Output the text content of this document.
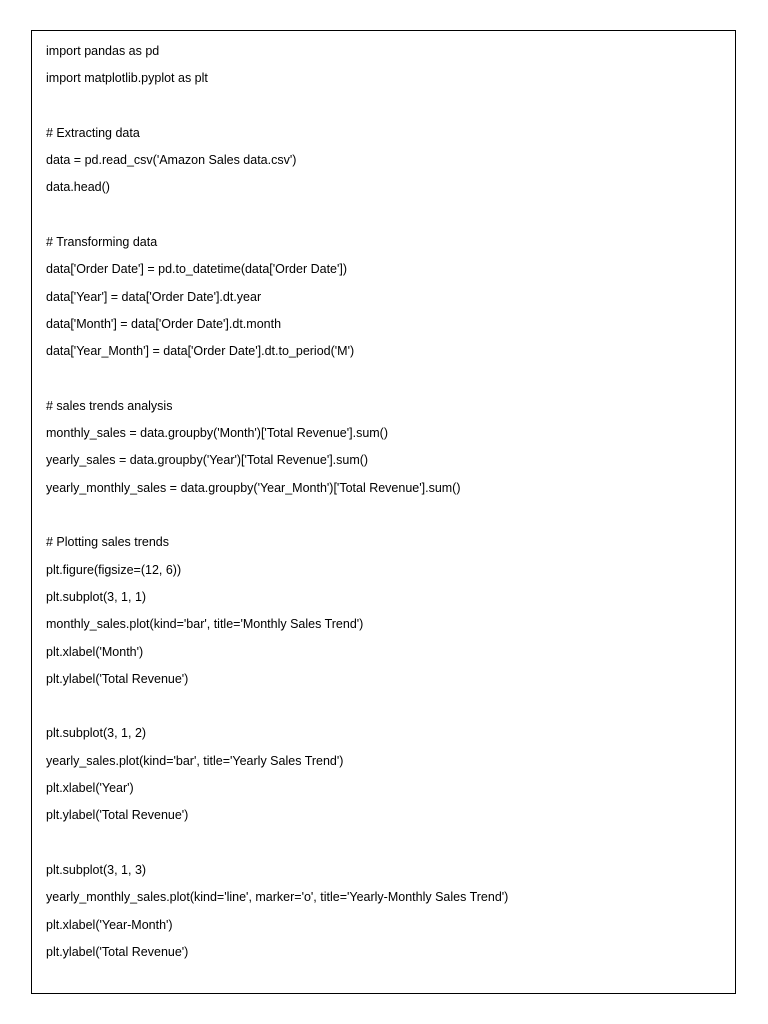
import pandas as pd
import matplotlib.pyplot as plt
# Extracting data
data = pd.read_csv('Amazon Sales data.csv')
data.head()
# Transforming data
data['Order Date'] = pd.to_datetime(data['Order Date'])
data['Year'] = data['Order Date'].dt.year
data['Month'] = data['Order Date'].dt.month
data['Year_Month'] = data['Order Date'].dt.to_period('M')
# sales trends analysis
monthly_sales = data.groupby('Month')['Total Revenue'].sum()
yearly_sales = data.groupby('Year')['Total Revenue'].sum()
yearly_monthly_sales = data.groupby('Year_Month')['Total Revenue'].sum()
# Plotting sales trends
plt.figure(figsize=(12, 6))
plt.subplot(3, 1, 1)
monthly_sales.plot(kind='bar', title='Monthly Sales Trend')
plt.xlabel('Month')
plt.ylabel('Total Revenue')
plt.subplot(3, 1, 2)
yearly_sales.plot(kind='bar', title='Yearly Sales Trend')
plt.xlabel('Year')
plt.ylabel('Total Revenue')
plt.subplot(3, 1, 3)
yearly_monthly_sales.plot(kind='line', marker='o', title='Yearly-Monthly Sales Trend')
plt.xlabel('Year-Month')
plt.ylabel('Total Revenue')
